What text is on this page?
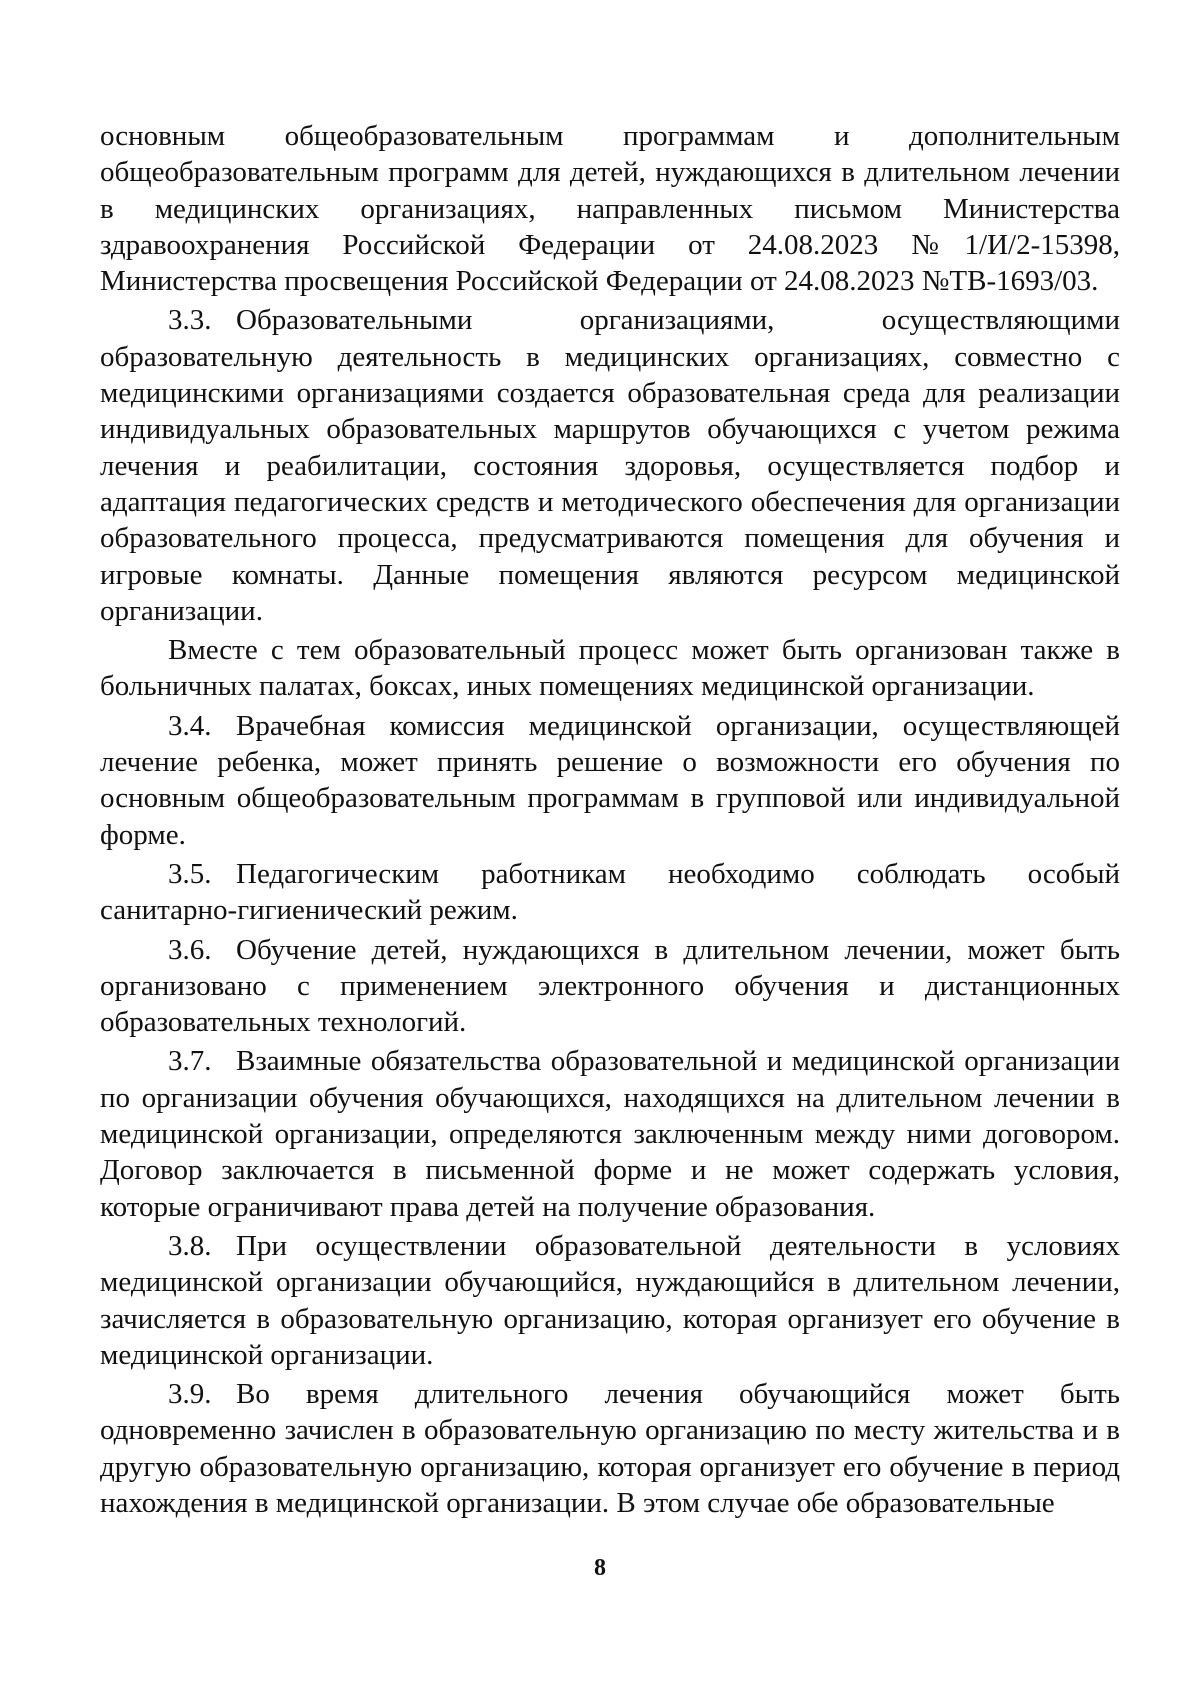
основным общеобразовательным программам и дополнительным общеобразовательным программ для детей, нуждающихся в длительном лечении в медицинских организациях, направленных письмом Министерства здравоохранения Российской Федерации от 24.08.2023 №1/И/2-15398, Министерства просвещения Российской Федерации от 24.08.2023 №ТВ-1693/03.

3.3. Образовательными организациями, осуществляющими образовательную деятельность в медицинских организациях, совместно с медицинскими организациями создается образовательная среда для реализации индивидуальных образовательных маршрутов обучающихся с учетом режима лечения и реабилитации, состояния здоровья, осуществляется подбор и адаптация педагогических средств и методического обеспечения для организации образовательного процесса, предусматриваются помещения для обучения и игровые комнаты. Данные помещения являются ресурсом медицинской организации.

Вместе с тем образовательный процесс может быть организован также в больничных палатах, боксах, иных помещениях медицинской организации.

3.4. Врачебная комиссия медицинской организации, осуществляющей лечение ребенка, может принять решение о возможности его обучения по основным общеобразовательным программам в групповой или индивидуальной форме.

3.5. Педагогическим работникам необходимо соблюдать особый санитарно-гигиенический режим.

3.6. Обучение детей, нуждающихся в длительном лечении, может быть организовано с применением электронного обучения и дистанционных образовательных технологий.

3.7. Взаимные обязательства образовательной и медицинской организации по организации обучения обучающихся, находящихся на длительном лечении в медицинской организации, определяются заключенным между ними договором. Договор заключается в письменной форме и не может содержать условия, которые ограничивают права детей на получение образования.

3.8. При осуществлении образовательной деятельности в условиях медицинской организации обучающийся, нуждающийся в длительном лечении, зачисляется в образовательную организацию, которая организует его обучение в медицинской организации.

3.9. Во время длительного лечения обучающийся может быть одновременно зачислен в образовательную организацию по месту жительства и в другую образовательную организацию, которая организует его обучение в период нахождения в медицинской организации. В этом случае обе образовательные

8
